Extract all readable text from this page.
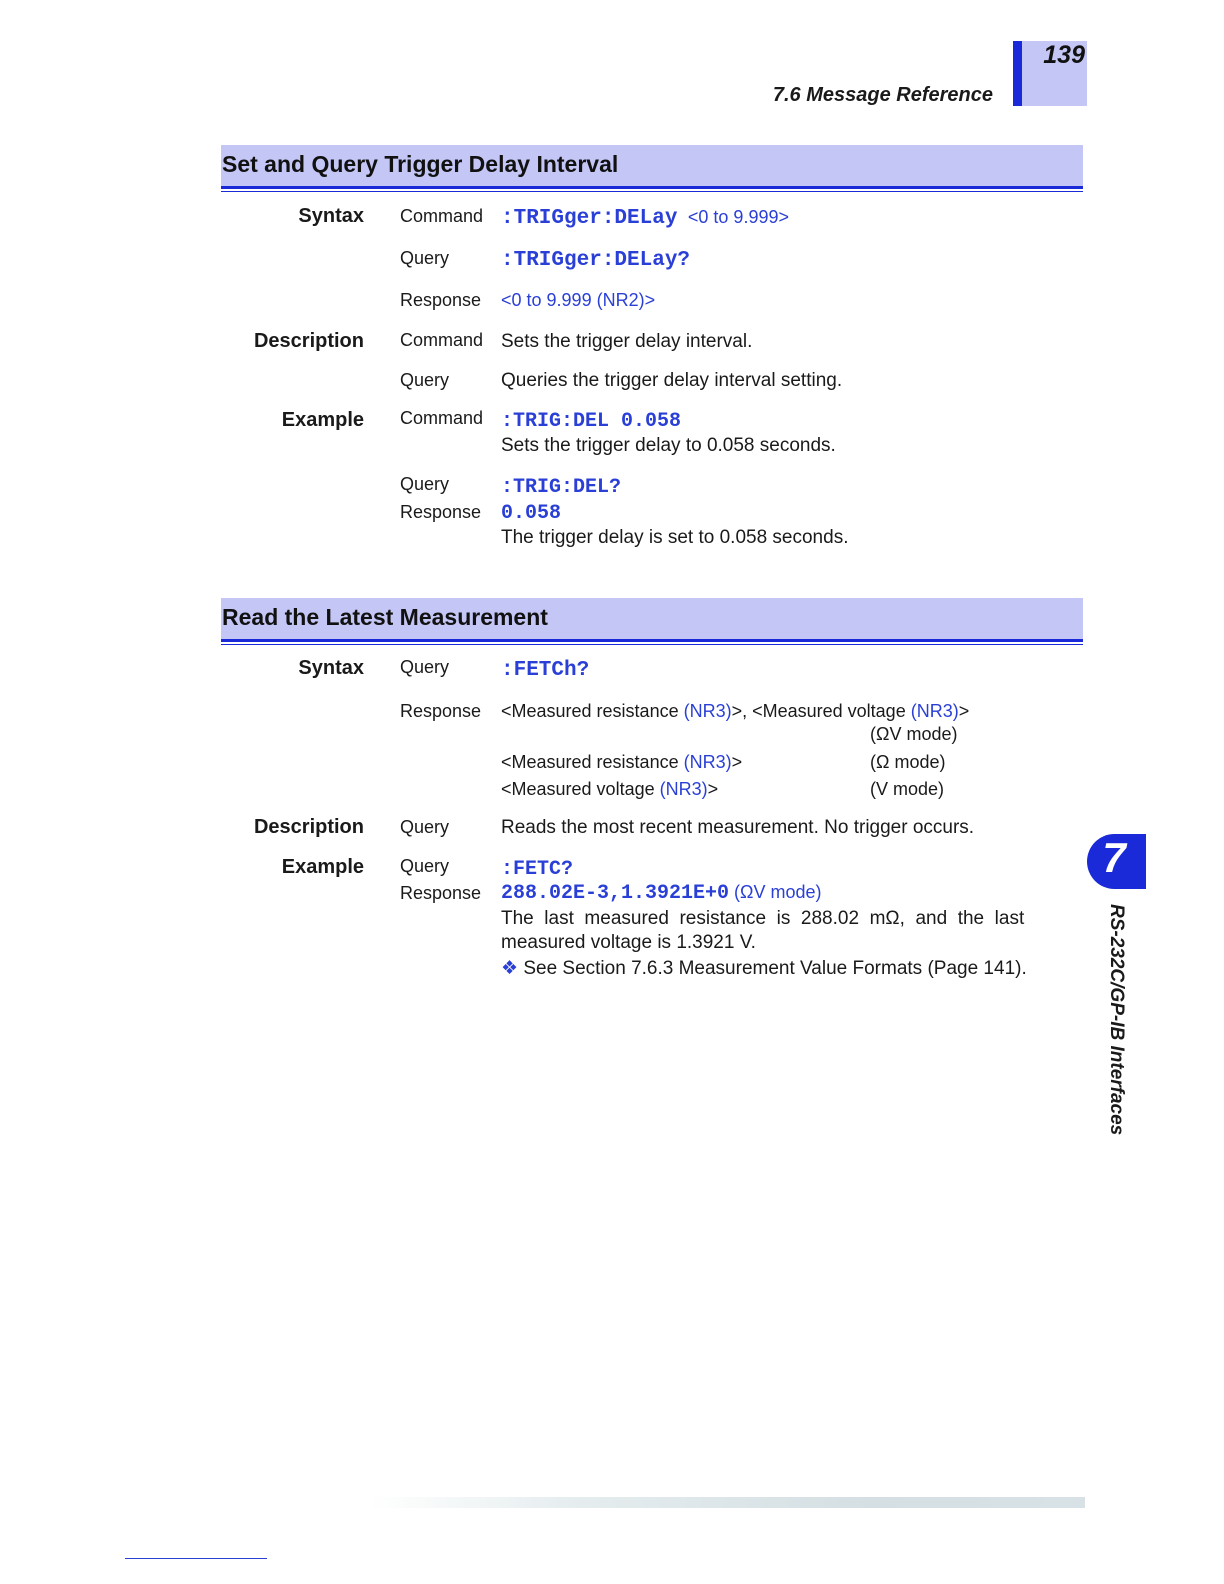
139
7.6 Message Reference
Set and Query Trigger Delay Interval
Syntax Command :TRIGger:DELay <0 to 9.999>
Query :TRIGger:DELay?
Response <0 to 9.999 (NR2)>
Description Command Sets the trigger delay interval.
Query	Queries the trigger delay interval setting.
Example Command :TRIG:DEL 0.058
Sets the trigger delay to 0.058 seconds.
Query	:TRIG:DEL?
Response 0.058
The trigger delay is set to 0.058 seconds.
Read the Latest Measurement
Syntax Query :FETCh?
Response <Measured resistance (NR3)>, <Measured voltage (NR3)>
(ΩV mode)
<Measured resistance (NR3)>	(Ω mode)
<Measured voltage (NR3)>	(V mode)
Description Query	Reads the most recent measurement. No trigger occurs.
Example Query	:FETC?
Response 288.02E-3,1.3921E+0 (ΩV mode)
The  last  measured  resistance  is  288.02  mΩ,  and  the  last
measured voltage is 1.3921 V.
❖ See Section 7.6.3 Measurement Value Formats (Page 141).
7
RS-232C/GP-IB Interfaces
